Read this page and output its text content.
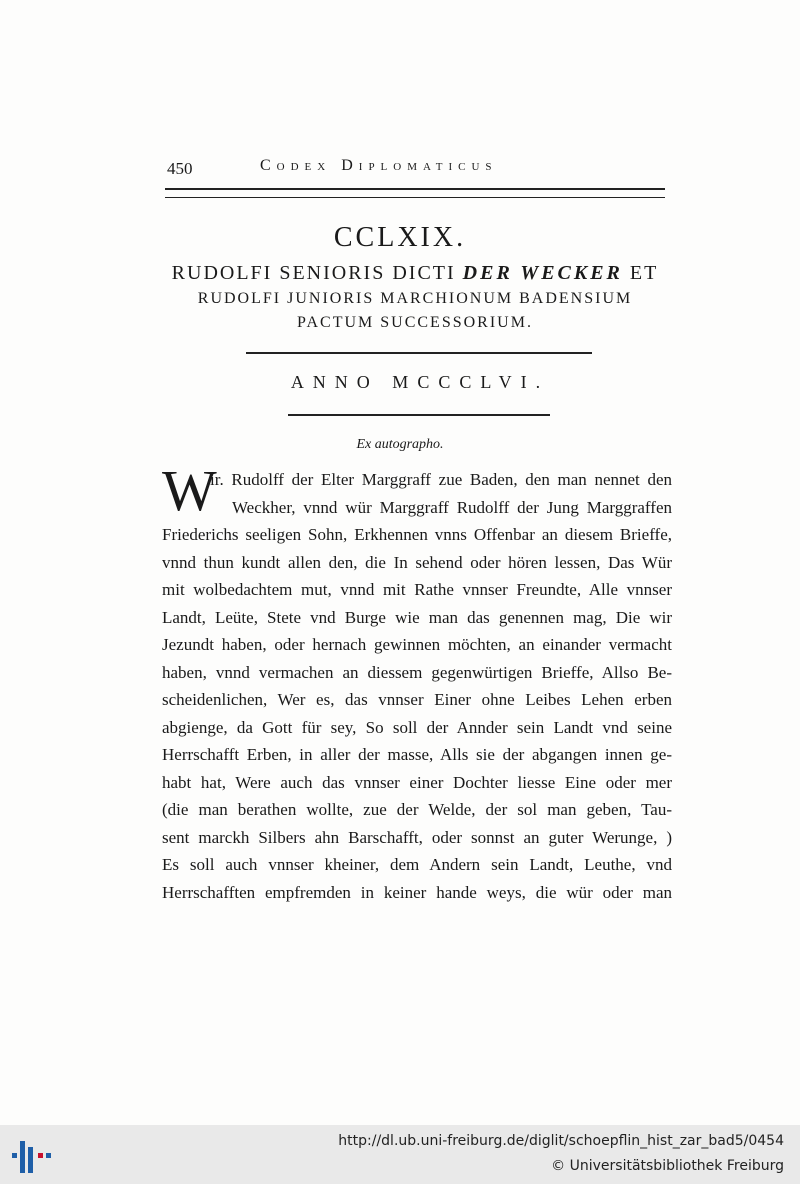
450	Codex Diplomaticus
CCLXIX.
RUDOLFI SENIORIS DICTI DER WECKER ET
RUDOLFI JUNIORIS MARCHIONUM BADENSIUM
PACTUM SUCCESSORIUM.
ANNO MCCCLVI.
Ex autographo.
W
ir. Rudolff der Elter Marggraff zue Baden, den man nennet den
Weckher, vnnd wür Marggraff Rudolff der Jung Marggraffen
Friederichs seeligen Sohn, Erkhennen vnns Offenbar an diesem Brieffe,
vnnd thun kundt allen den, die In sehend oder hören lessen, Das Wür
mit wolbedachtem mut, vnnd mit Rathe vnnser Freundte, Alle vnnser
Landt, Leüte, Stete vnd Burge wie man das genennen mag, Die wir
Jezundt haben, oder hernach gewinnen möchten, an einander vermacht
haben, vnnd vermachen an diessem gegenwürtigen Brieffe, Allso Be-
scheidenlichen, Wer es, das vnnser Einer ohne Leibes Lehen erben
abgienge, da Gott für sey, So soll der Annder sein Landt vnd seine
Herrschafft Erben, in aller der masse, Alls sie der abgangen innen ge-
habt hat, Were auch das vnnser einer Dochter liesse Eine oder mer
(die man berathen wollte, zue der Welde, der sol man geben, Tau-
sent marckh Silbers ahn Barschafft, oder sonnst an guter Werunge, )
Es soll auch vnnser kheiner, dem Andern sein Landt, Leuthe, vnd
Herrschafften empfremden in keiner hande weys, die wür oder man
http://dl.ub.uni-freiburg.de/diglit/schoepflin_hist_zar_bad5/0454
© Universitätsbibliothek Freiburg
